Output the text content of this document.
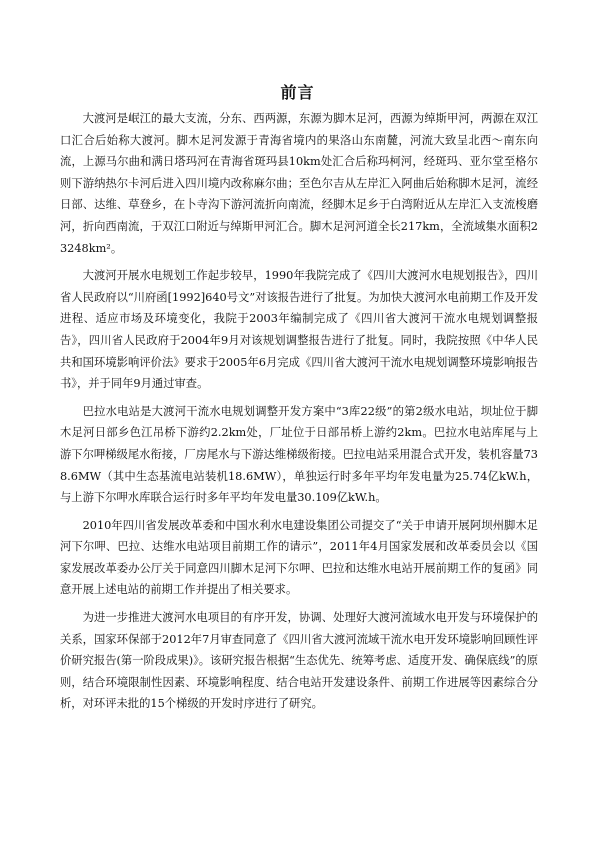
前言

大渡河是岷江的最大支流，分东、西两源，东源为脚木足河，西源为绰斯甲河，两源在双江口汇合后始称大渡河。脚木足河发源于青海省境内的果洛山东南麓，河流大致呈北西～南东向流，上源马尔曲和满日塔玛河在青海省斑玛县10km处汇合后称玛柯河，经斑玛、亚尔堂至格尔则下游纳热尔卡河后进入四川境内改称麻尔曲；至色尔吉从左岸汇入阿曲后始称脚木足河，流经日部、达维、草登乡，在卜寺沟下游河流折向南流，经脚木足乡于白湾附近从左岸汇入支流梭磨河，折向西南流，于双江口附近与绰斯甲河汇合。脚木足河河道全长217km，全流域集水面积23248km²。

大渡河开展水电规划工作起步较早，1990年我院完成了《四川大渡河水电规划报告》，四川省人民政府以“川府函[1992]640号文”对该报告进行了批复。为加快大渡河水电前期工作及开发进程、适应市场及环境变化，我院于2003年编制完成了《四川省大渡河干流水电规划调整报告》，四川省人民政府于2004年9月对该规划调整报告进行了批复。同时，我院按照《中华人民共和国环境影响评价法》要求于2005年6月完成《四川省大渡河干流水电规划调整环境影响报告书》，并于同年9月通过审查。

巴拉水电站是大渡河干流水电规划调整开发方案中“3库22级”的第2级水电站，坝址位于脚木足河日部乡色江吊桥下游约2.2km处，厂址位于日部吊桥上游约2km。巴拉水电站库尾与上游下尔呷梯级尾水衔接，厂房尾水与下游达维梯级衔接。巴拉电站采用混合式开发，装机容量738.6MW（其中生态基流电站装机18.6MW），单独运行时多年平均年发电量为25.74亿kW.h，与上游下尔呷水库联合运行时多年平均年发电量30.109亿kW.h。

2010年四川省发展改革委和中国水利水电建设集团公司提交了“关于申请开展阿坝州脚木足河下尔呷、巴拉、达维水电站项目前期工作的请示”，2011年4月国家发展和改革委员会以《国家发展改革委办公厅关于同意四川脚木足河下尔呷、巴拉和达维水电站开展前期工作的复函》同意开展上述电站的前期工作并提出了相关要求。

为进一步推进大渡河水电项目的有序开发，协调、处理好大渡河流域水电开发与环境保护的关系，国家环保部于2012年7月审查同意了《四川省大渡河流域干流水电开发环境影响回顾性评价研究报告(第一阶段成果)》。该研究报告根据“生态优先、统筹考虑、适度开发、确保底线”的原则，结合环境限制性因素、环境影响程度、结合电站开发建设条件、前期工作进展等因素综合分析，对环评未批的15个梯级的开发时序进行了研究。
